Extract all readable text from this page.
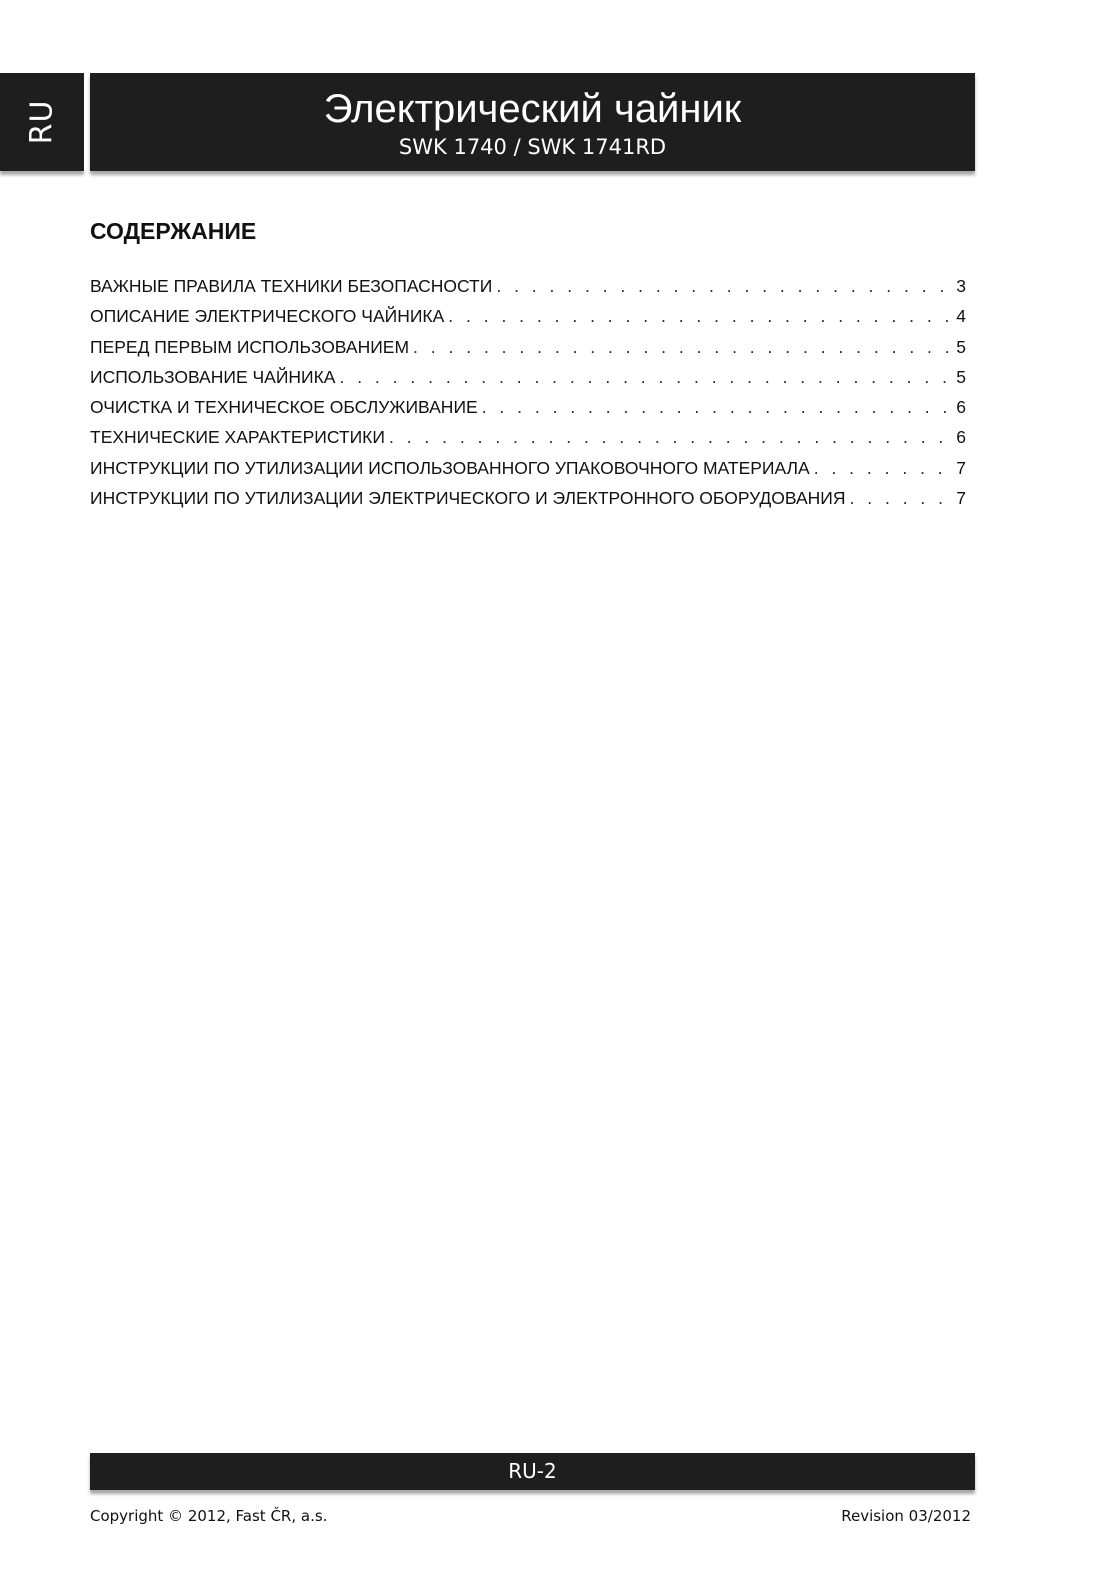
RU	Электрический чайник
SWK 1740 / SWK 1741RD
СОДЕРЖАНИЕ
ВАЖНЫЕ ПРАВИЛА ТЕХНИКИ БЕЗОПАСНОСТИ . . .	3
ОПИСАНИЕ ЭЛЕКТРИЧЕСКОГО ЧАЙНИКА . . .	4
ПЕРЕД ПЕРВЫМ ИСПОЛЬЗОВАНИЕМ . . .	5
ИСПОЛЬЗОВАНИЕ ЧАЙНИКА . . .	5
ОЧИСТКА И ТЕХНИЧЕСКОЕ ОБСЛУЖИВАНИЕ . . .	6
ТЕХНИЧЕСКИЕ ХАРАКТЕРИСТИКИ . . .	6
ИНСТРУКЦИИ ПО УТИЛИЗАЦИИ ИСПОЛЬЗОВАННОГО УПАКОВОЧНОГО МАТЕРИАЛА . . .	7
ИНСТРУКЦИИ ПО УТИЛИЗАЦИИ ЭЛЕКТРИЧЕСКОГО И ЭЛЕКТРОННОГО ОБОРУДОВАНИЯ . . .	7
RU-2
Copyright © 2012, Fast ČR, a.s.	Revision 03/2012
